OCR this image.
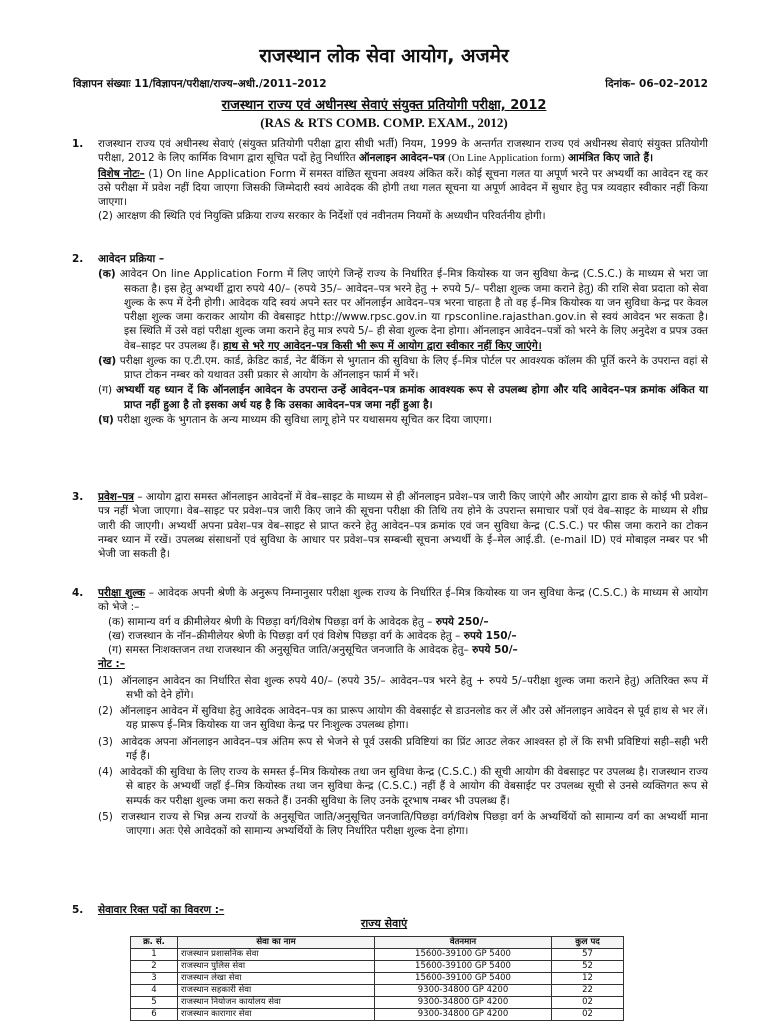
राजस्थान लोक सेवा आयोग, अजमेर
विज्ञापन संख्याः 11/विज्ञापन/परीक्षा/राज्य–अधी./2011–2012	दिनांक– 06–02–2012
राजस्थान राज्य एवं अधीनस्थ सेवाएं संयुक्त प्रतियोगी परीक्षा, 2012
(RAS & RTS COMB. COMP. EXAM., 2012)
1. राजस्थान राज्य एवं अधीनस्थ सेवाएं (संयुक्त प्रतियोगी परीक्षा द्वारा सीधी भर्ती) नियम, 1999 के अन्तर्गत राजस्थान राज्य एवं अधीनस्थ सेवाएं संयुक्त प्रतियोगी परीक्षा, 2012 के लिए कार्मिक विभाग द्वारा सूचित पदों हेतु निर्धारित ऑनलाइन आवेदन–पत्र (On Line Application form) आमंत्रित किए जाते हैं।
विशेष नोटः– (1) On line Application Form में समस्त वांछित सूचना अवश्य अंकित करें। कोई सूचना गलत या अपूर्ण भरने पर अभ्यर्थी का आवेदन रद्द कर उसे परीक्षा में प्रवेश नहीं दिया जाएगा जिसकी जिम्मेदारी स्वयं आवेदक की होगी तथा गलत सूचना या अपूर्ण आवेदन में सुधार हेतु पत्र व्यवहार स्वीकार नहीं किया जाएगा।
(2) आरक्षण की स्थिति एवं नियुक्ति प्रक्रिया राज्य सरकार के निर्देशों एवं नवीनतम नियमों के अध्यधीन परिवर्तनीय होगी।
2. आवेदन प्रक्रिया –
(क) आवेदन On line Application Form में लिए जाएंगे जिन्हें राज्य के निर्धारित ई–मित्र कियोस्क या जन सुविधा केन्द्र (C.S.C.) के माध्यम से भरा जा सकता है। इस हेतु अभ्यर्थी द्वारा रुपये 40/– (रुपये 35/– आवेदन–पत्र भरने हेतु + रुपये 5/– परीक्षा शुल्क जमा कराने हेतु) की राशि सेवा प्रदाता को सेवा शुल्क के रूप में देनी होगी। आवेदक यदि स्वयं अपने स्तर पर ऑनलाईन आवेदन–पत्र भरना चाहता है तो वह ई–मित्र कियोस्क या जन सुविधा केन्द्र पर केवल परीक्षा शुल्क जमा कराकर आयोग की वेबसाइट http://www.rpsc.gov.in या rpsconline.rajasthan.gov.in से स्वयं आवेदन भर सकता है। इस स्थिति में उसे वहां परीक्षा शुल्क जमा कराने हेतु मात्र रुपये 5/– ही सेवा शुल्क देना होगा। ऑनलाइन आवेदन–पत्रों को भरने के लिए अनुदेश व प्रपत्र उक्त वेब–साइट पर उपलब्ध हैं। हाथ से भरे गए आवेदन–पत्र किसी भी रूप में आयोग द्वारा स्वीकार नहीं किए जाएंगे।
(ख) परीक्षा शुल्क का ए.टी.एम. कार्ड, क्रेडिट कार्ड, नेट बैंकिंग से भुगतान की सुविधा के लिए ई–मित्र पोर्टल पर आवश्यक कॉलम की पूर्ति करने के उपरान्त वहां से प्राप्त टोकन नम्बर को यथावत उसी प्रकार से आयोग के ऑनलाइन फार्म में भरें।
(ग) अभ्यर्थी यह ध्यान दें कि ऑनलाईन आवेदन के उपरान्त उन्हें आवेदन–पत्र क्रमांक आवश्यक रूप से उपलब्ध होगा और यदि आवेदन–पत्र क्रमांक अंकित या प्राप्त नहीं हुआ है तो इसका अर्थ यह है कि उसका आवेदन–पत्र जमा नहीं हुआ है।
(घ) परीक्षा शुल्क के भुगतान के अन्य माध्यम की सुविधा लागू होने पर यथासमय सूचित कर दिया जाएगा।
3. प्रवेश–पत्र – आयोग द्वारा समस्त ऑनलाइन आवेदनों में वेब–साइट के माध्यम से ही ऑनलाइन प्रवेश–पत्र जारी किए जाएंगे और आयोग द्वारा डाक से कोई भी प्रवेश–पत्र नहीं भेजा जाएगा। वेब–साइट पर प्रवेश–पत्र जारी किए जाने की सूचना परीक्षा की तिथि तय होने के उपरान्त समाचार पत्रों एवं वेब–साइट के माध्यम से शीघ्र जारी की जाएगी। अभ्यर्थी अपना प्रवेश–पत्र वेब–साइट से प्राप्त करने हेतु आवेदन–पत्र क्रमांक एवं जन सुविधा केन्द्र (C.S.C.) पर फीस जमा कराने का टोकन नम्बर ध्यान में रखें। उपलब्ध संसाधनों एवं सुविधा के आधार पर प्रवेश–पत्र सम्बन्धी सूचना अभ्यर्थी के ई–मेल आई.डी. (e-mail ID) एवं मोबाइल नम्बर पर भी भेजी जा सकती है।
4. परीक्षा शुल्क – आवेदक अपनी श्रेणी के अनुरूप निम्नानुसार परीक्षा शुल्क राज्य के निर्धारित ई–मित्र कियोस्क या जन सुविधा केन्द्र (C.S.C.) के माध्यम से आयोग को भेजे :–
(क) सामान्य वर्ग व क्रीमीलेयर श्रेणी के पिछड़ा वर्ग/विशेष पिछड़ा वर्ग के आवेदक हेतु – रुपये 250/–
(ख) राजस्थान के नॉन–क्रीमीलेयर श्रेणी के पिछड़ा वर्ग एवं विशेष पिछड़ा वर्ग के आवेदक हेतु – रुपये 150/–
(ग) समस्त निःशक्तजन तथा राजस्थान की अनुसूचित जाति/अनुसूचित जनजाति के आवेदक हेतु– रुपये 50/–
नोट :–
(1) ऑनलाइन आवेदन का निर्धारित सेवा शुल्क रुपये 40/– (रुपये 35/– आवेदन–पत्र भरने हेतु + रुपये 5/–परीक्षा शुल्क जमा कराने हेतु) अतिरिक्त रूप में सभी को देने होंगे।
(2) ऑनलाइन आवेदन में सुविधा हेतु आवेदक आवेदन–पत्र का प्रारूप आयोग की वेबसाईट से डाउनलोड कर लें और उसे ऑनलाइन आवेदन से पूर्व हाथ से भर लें। यह प्रारूप ई–मित्र कियोस्क या जन सुविधा केन्द्र पर निःशुल्क उपलब्ध होगा।
(3) आवेदक अपना ऑनलाइन आवेदन–पत्र अंतिम रूप से भेजने से पूर्व उसकी प्रविष्टियां का प्रिंट आउट लेकर आश्वस्त हो लें कि सभी प्रविष्टियां सही–सही भरी गई हैं।
(4) आवेदकों की सुविधा के लिए राज्य के समस्त ई–मित्र कियोस्क तथा जन सुविधा केन्द्र (C.S.C.) की सूची आयोग की वेबसाइट पर उपलब्ध है। राजस्थान राज्य से बाहर के अभ्यर्थी जहाँ ई–मित्र कियोस्क तथा जन सुविधा केन्द्र (C.S.C.) नहीं हैं वे आयोग की वेबसाईट पर उपलब्ध सूची से उनसे व्यक्तिगत रूप से सम्पर्क कर परीक्षा शुल्क जमा करा सकते हैं। उनकी सुविधा के लिए उनके दूरभाष नम्बर भी उपलब्ध हैं।
(5) राजस्थान राज्य से भिन्न अन्य राज्यों के अनुसूचित जाति/अनुसूचित जनजाति/पिछड़ा वर्ग/विशेष पिछड़ा वर्ग के अभ्यर्थियों को सामान्य वर्ग का अभ्यर्थी माना जाएगा। अतः ऐसे आवेदकों को सामान्य अभ्यर्थियों के लिए निर्धारित परीक्षा शुल्क देना होगा।
5. सेवावार रिक्त पदों का विवरण :–
राज्य सेवाएं
क्र. सं.	सेवा का नाम	वेतनमान	कुल पद
1	राजस्थान प्रशासनिक सेवा	15600-39100 GP 5400	57
2	राजस्थान पुलिस सेवा	15600-39100 GP 5400	52
3	राजस्थान लेखा सेवा	15600-39100 GP 5400	12
4	राजस्थान सहकारी सेवा	9300-34800 GP 4200	22
5	राजस्थान नियोजन कार्यालय सेवा	9300-34800 GP 4200	02
6	राजस्थान कारागार सेवा	9300-34800 GP 4200	02
